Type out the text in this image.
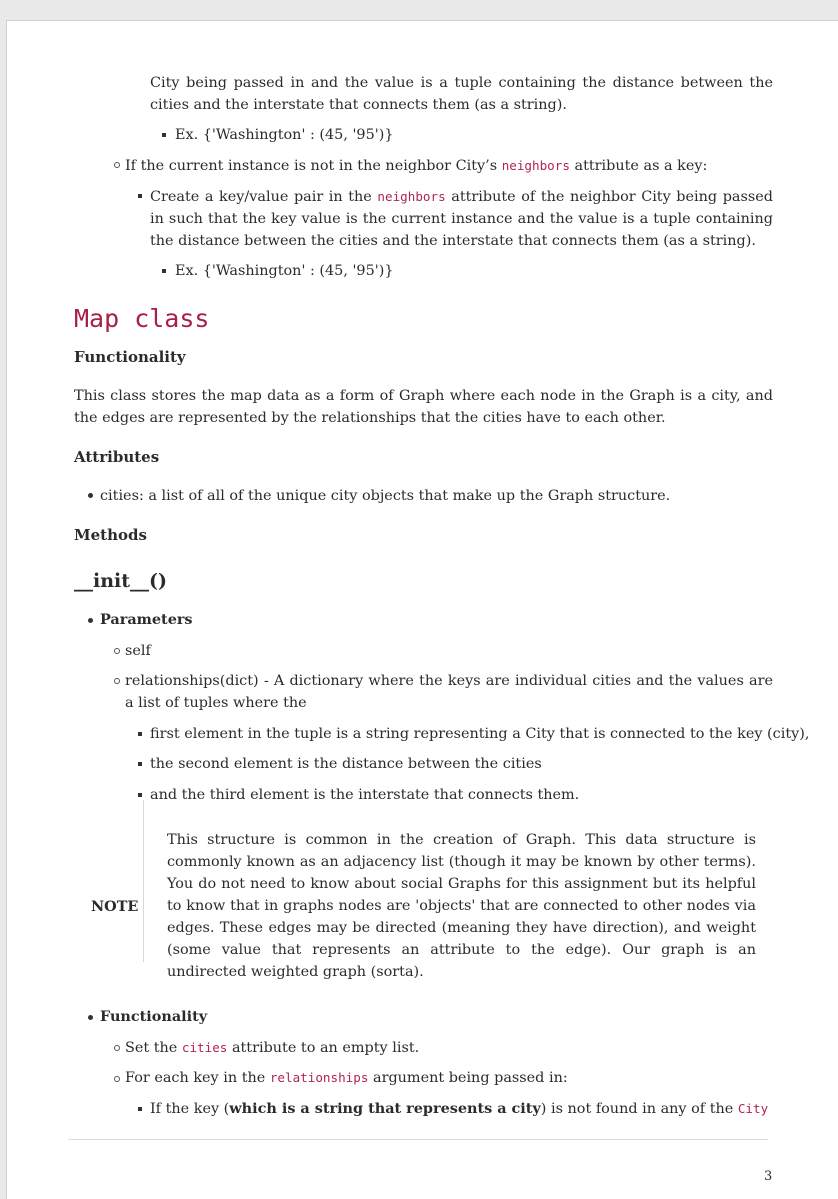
City being passed in and the value is a tuple containing the distance between the cities and the interstate that connects them (as a string).
Ex. {'Washington' : (45, '95')}
If the current instance is not in the neighbor City’s neighbors attribute as a key:
Create a key/value pair in the neighbors attribute of the neighbor City being passed in such that the key value is the current instance and the value is a tuple containing the distance between the cities and the interstate that connects them (as a string).
Ex. {'Washington' : (45, '95')}
Map class
Functionality
This class stores the map data as a form of Graph where each node in the Graph is a city, and the edges are represented by the relationships that the cities have to each other.
Attributes
cities: a list of all of the unique city objects that make up the Graph structure.
Methods
__init__()
Parameters
self
relationships(dict) - A dictionary where the keys are individual cities and the values are a list of tuples where the
first element in the tuple is a string representing a City that is connected to the key (city),
the second element is the distance between the cities
and the third element is the interstate that connects them.
NOTE
This structure is common in the creation of Graph. This data structure is commonly known as an adjacency list (though it may be known by other terms). You do not need to know about social Graphs for this assignment but its helpful to know that in graphs nodes are 'objects' that are connected to other nodes via edges. These edges may be directed (meaning they have direction), and weight (some value that represents an attribute to the edge). Our graph is an undirected weighted graph (sorta).
Functionality
Set the cities attribute to an empty list.
For each key in the relationships argument being passed in:
If the key (which is a string that represents a city) is not found in any of the City
3
